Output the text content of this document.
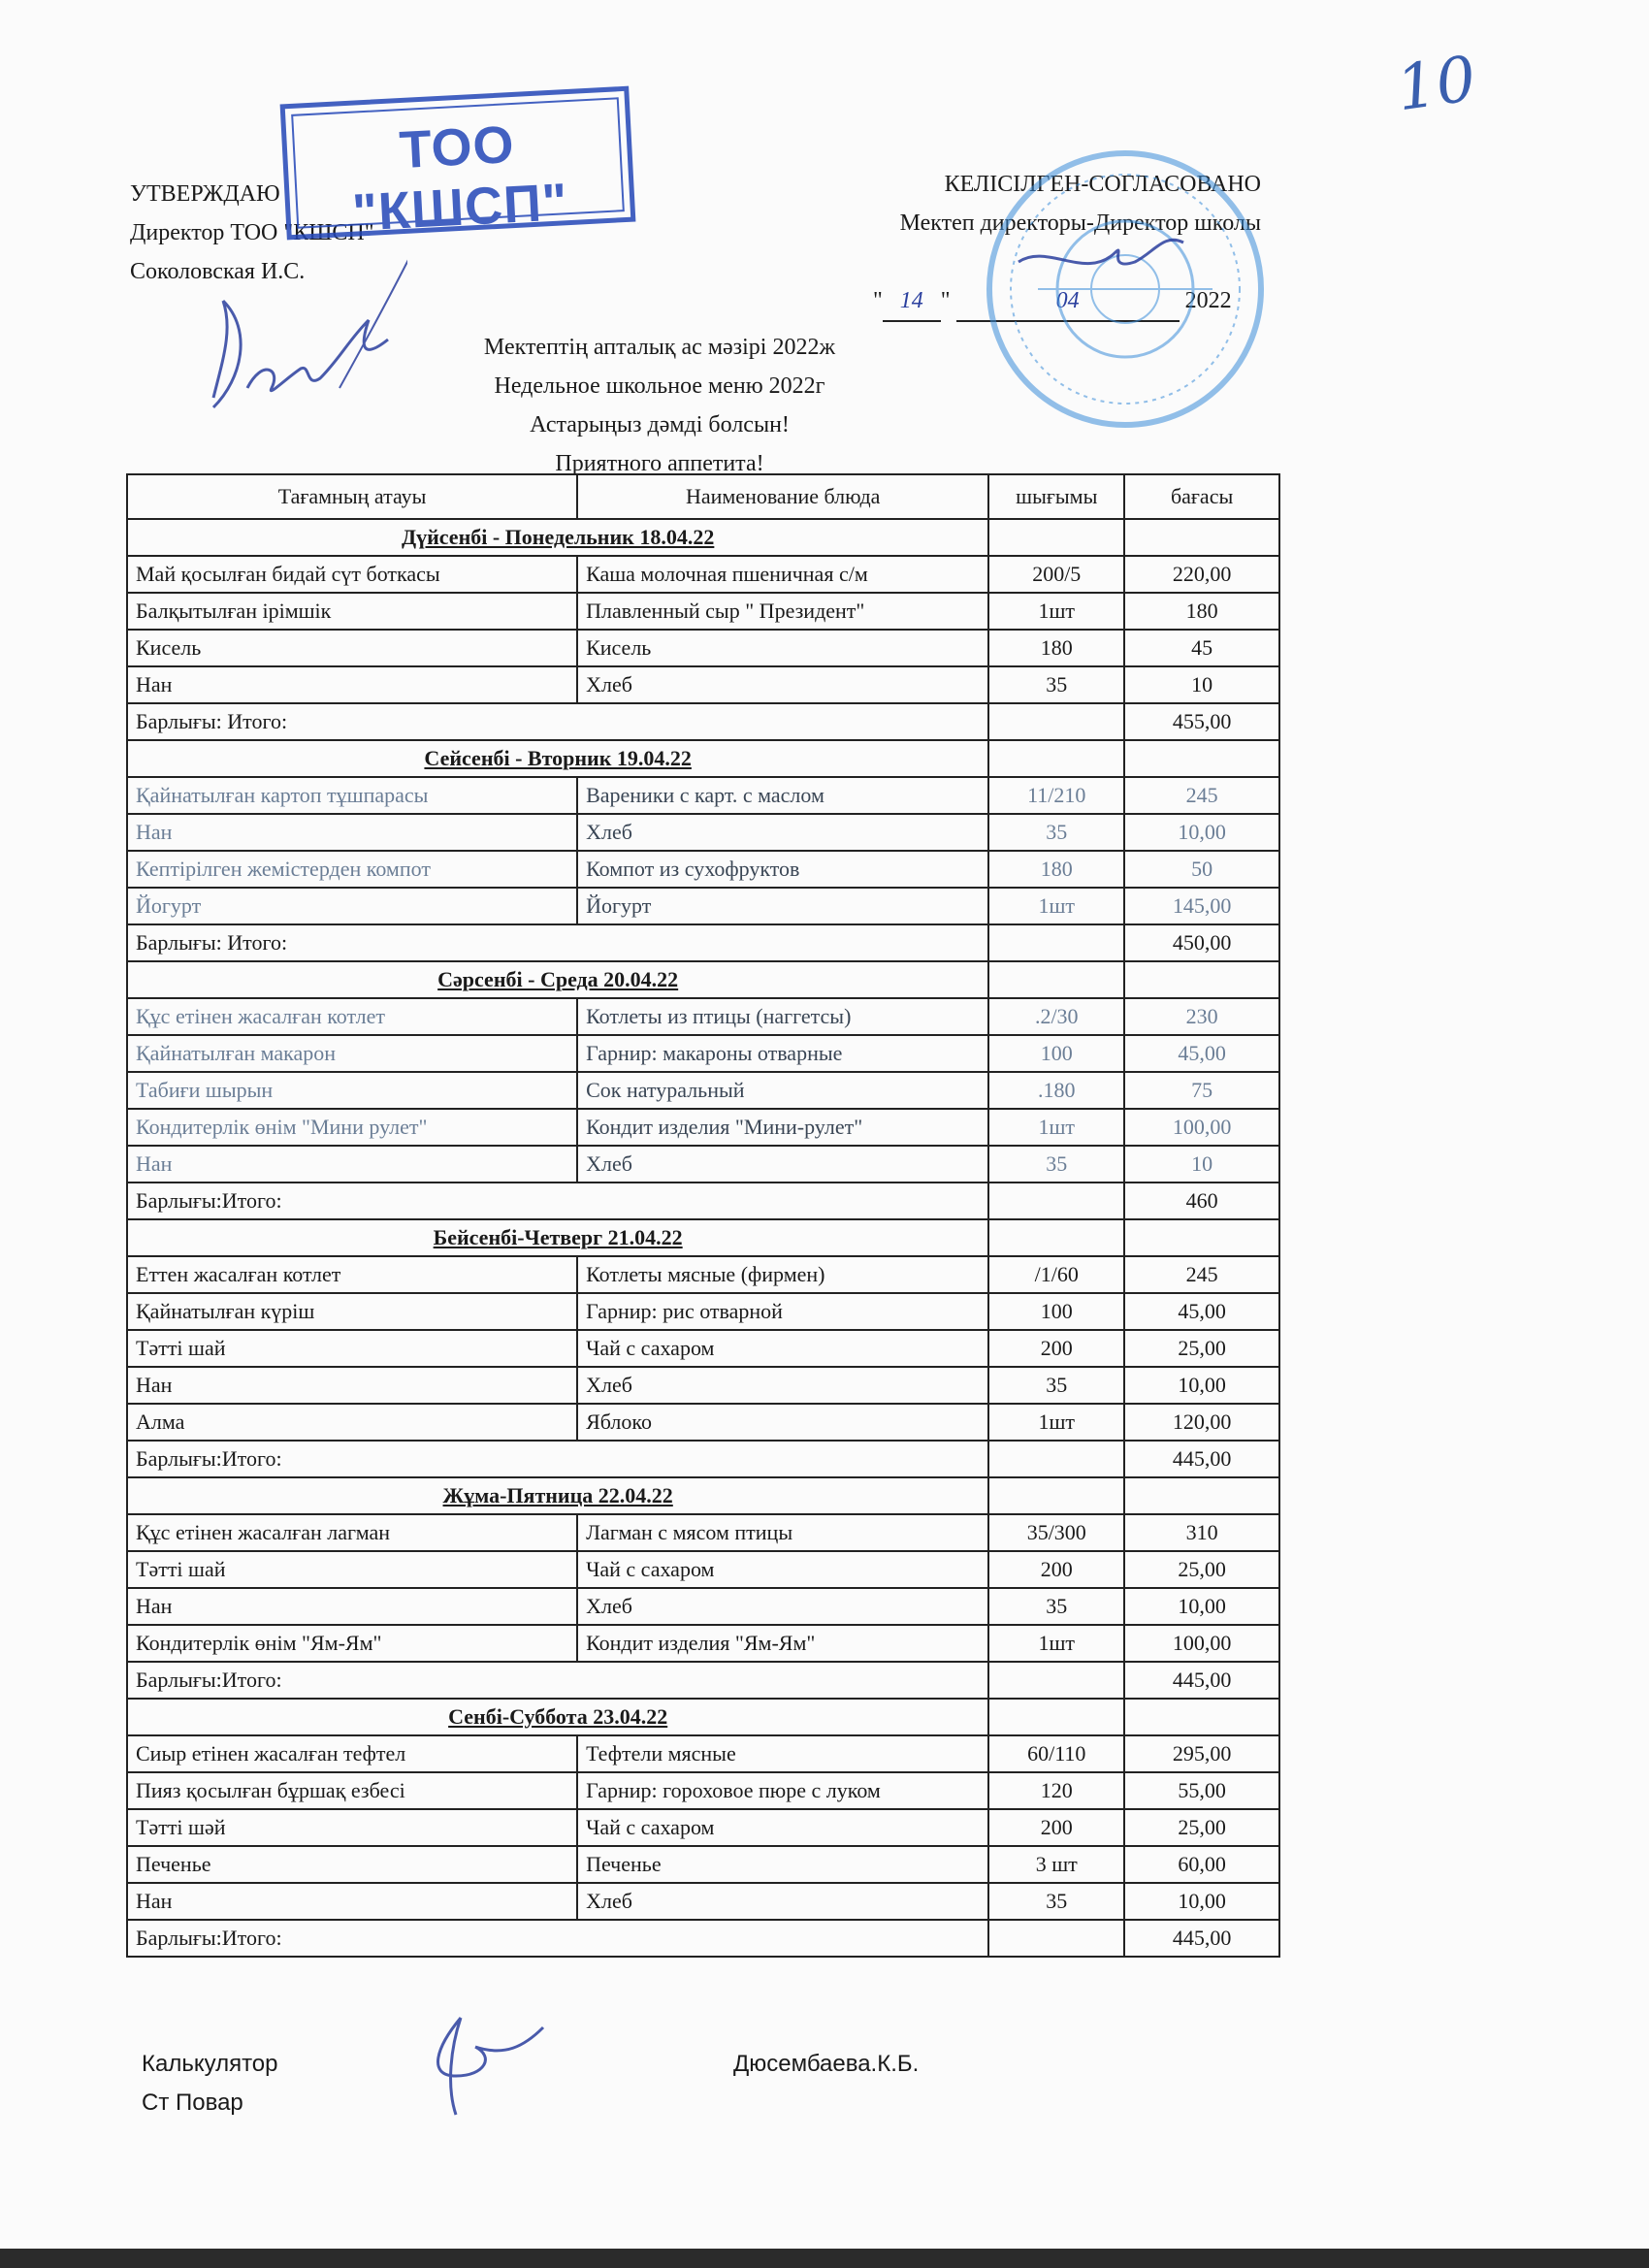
10
УТВЕРЖДАЮ
Директор ТОО "КШСП"
Соколовская И.С.
ТОО "КШСП"	КЕЛІСІЛГЕН-СОГЛАСОВАНО
Мектеп директоры-Директор школы
" 14 "	04	2022
Мектептің апталық ас мәзірі 2022ж
Недельное школьное меню 2022г
Астарыңыз дәмді болсын!
Приятного аппетита!
Тағамның атауы	Наименование блюда	шығымы	бағасы
Дүйсенбі - Понедельник 18.04.22			
Май қосылған бидай сүт боткасы	Каша молочная пшеничная с/м	200/5	220,00
Балқытылған ірімшік	Плавленный сыр " Президент"	1шт	180
Кисель	Кисель	180	45
Нан	Хлеб	35	10
Барлығы: Итого:			455,00
Сейсенбі - Вторник 19.04.22			
Қайнатылған картоп тұшпарасы	Вареники с карт. с маслом	11/210	245
Нан	Хлеб	35	10,00
Кептірілген жемістерден компот	Компот из сухофруктов	180	50
Йогурт	Йогурт	1шт	145,00
Барлығы: Итого:			450,00
Сәрсенбі - Среда 20.04.22			
Құс етінен жасалған котлет	Котлеты из птицы (наггетсы)	.2/30	230
Қайнатылған макарон	Гарнир: макароны отварные	100	45,00
Табиғи шырын	Сок натуральный	.180	75
Кондитерлік өнім "Мини рулет"	Кондит изделия "Мини-рулет"	1шт	100,00
Нан	Хлеб	35	10
Барлығы:Итого:			460
Бейсенбі-Четверг 21.04.22			
Еттен жасалған котлет	Котлеты мясные (фирмен)	/1/60	245
Қайнатылған күріш	Гарнир: рис отварной	100	45,00
Тәтті шай	Чай с сахаром	200	25,00
Нан	Хлеб	35	10,00
Алма	Яблоко	1шт	120,00
Барлығы:Итого:			445,00
Жұма-Пятница 22.04.22			
Құс етінен жасалған лагман	Лагман с мясом птицы	35/300	310
Тәтті шай	Чай с сахаром	200	25,00
Нан	Хлеб	35	10,00
Кондитерлік өнім "Ям-Ям"	Кондит изделия "Ям-Ям"	1шт	100,00
Барлығы:Итого:			445,00
Сенбі-Суббота 23.04.22			
Сиыр етінен жасалған тефтел	Тефтели мясные	60/110	295,00
Пияз қосылған бұршақ езбесі	Гарнир: гороховое пюре с луком	120	55,00
Тәтті шәй	Чай с сахаром	200	25,00
Печенье	Печенье	3 шт	60,00
Нан	Хлеб	35	10,00
Барлығы:Итого:			445,00
Калькулятор
Ст Повар
Дюсембаева.К.Б.
